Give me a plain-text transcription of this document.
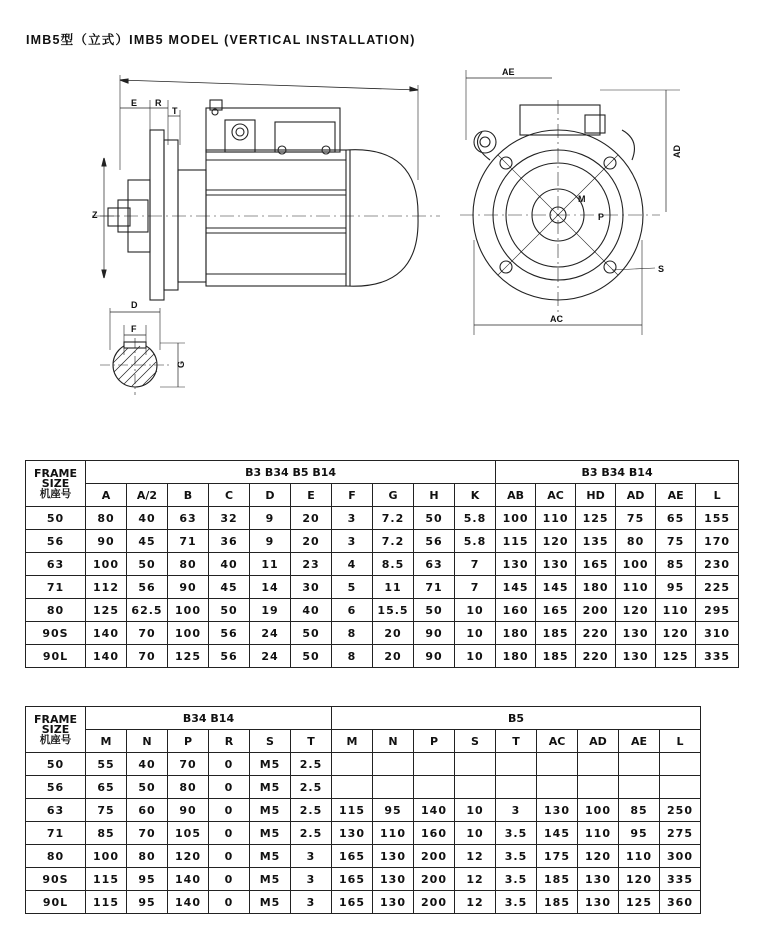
IMB5型（立式）IMB5 MODEL (VERTICAL INSTALLATION)
E R
T
Z
D
F
G
AE
AD
M
P
S
AC
FRAME
SIZE
机座号	B3 B34 B5 B14										B3 B34 B14					
	A	A/2	B	C	D	E	F	G	H	K	AB	AC	HD	AD	AE	L
50	80	40	63	32	9	20	3	7.2	50	5.8	100	110	125	75	65	155
56	90	45	71	36	9	20	3	7.2	56	5.8	115	120	135	80	75	170
63	100	50	80	40	11	23	4	8.5	63	7	130	130	165	100	85	230
71	112	56	90	45	14	30	5	11	71	7	145	145	180	110	95	225
80	125	62.5	100	50	19	40	6	15.5	50	10	160	165	200	120	110	295
90S	140	70	100	56	24	50	8	20	90	10	180	185	220	130	120	310
90L	140	70	125	56	24	50	8	20	90	10	180	185	220	130	125	335
FRAME
SIZE
机座号	B34 B14						B5								
	M	N	P	R	S	T	M	N	P	S	T	AC	AD	AE	L
50	55	40	70	0	M5	2.5									
56	65	50	80	0	M5	2.5									
63	75	60	90	0	M5	2.5	115	95	140	10	3	130	100	85	250
71	85	70	105	0	M5	2.5	130	110	160	10	3.5	145	110	95	275
80	100	80	120	0	M5	3	165	130	200	12	3.5	175	120	110	300
90S	115	95	140	0	M5	3	165	130	200	12	3.5	185	130	120	335
90L	115	95	140	0	M5	3	165	130	200	12	3.5	185	130	125	360
